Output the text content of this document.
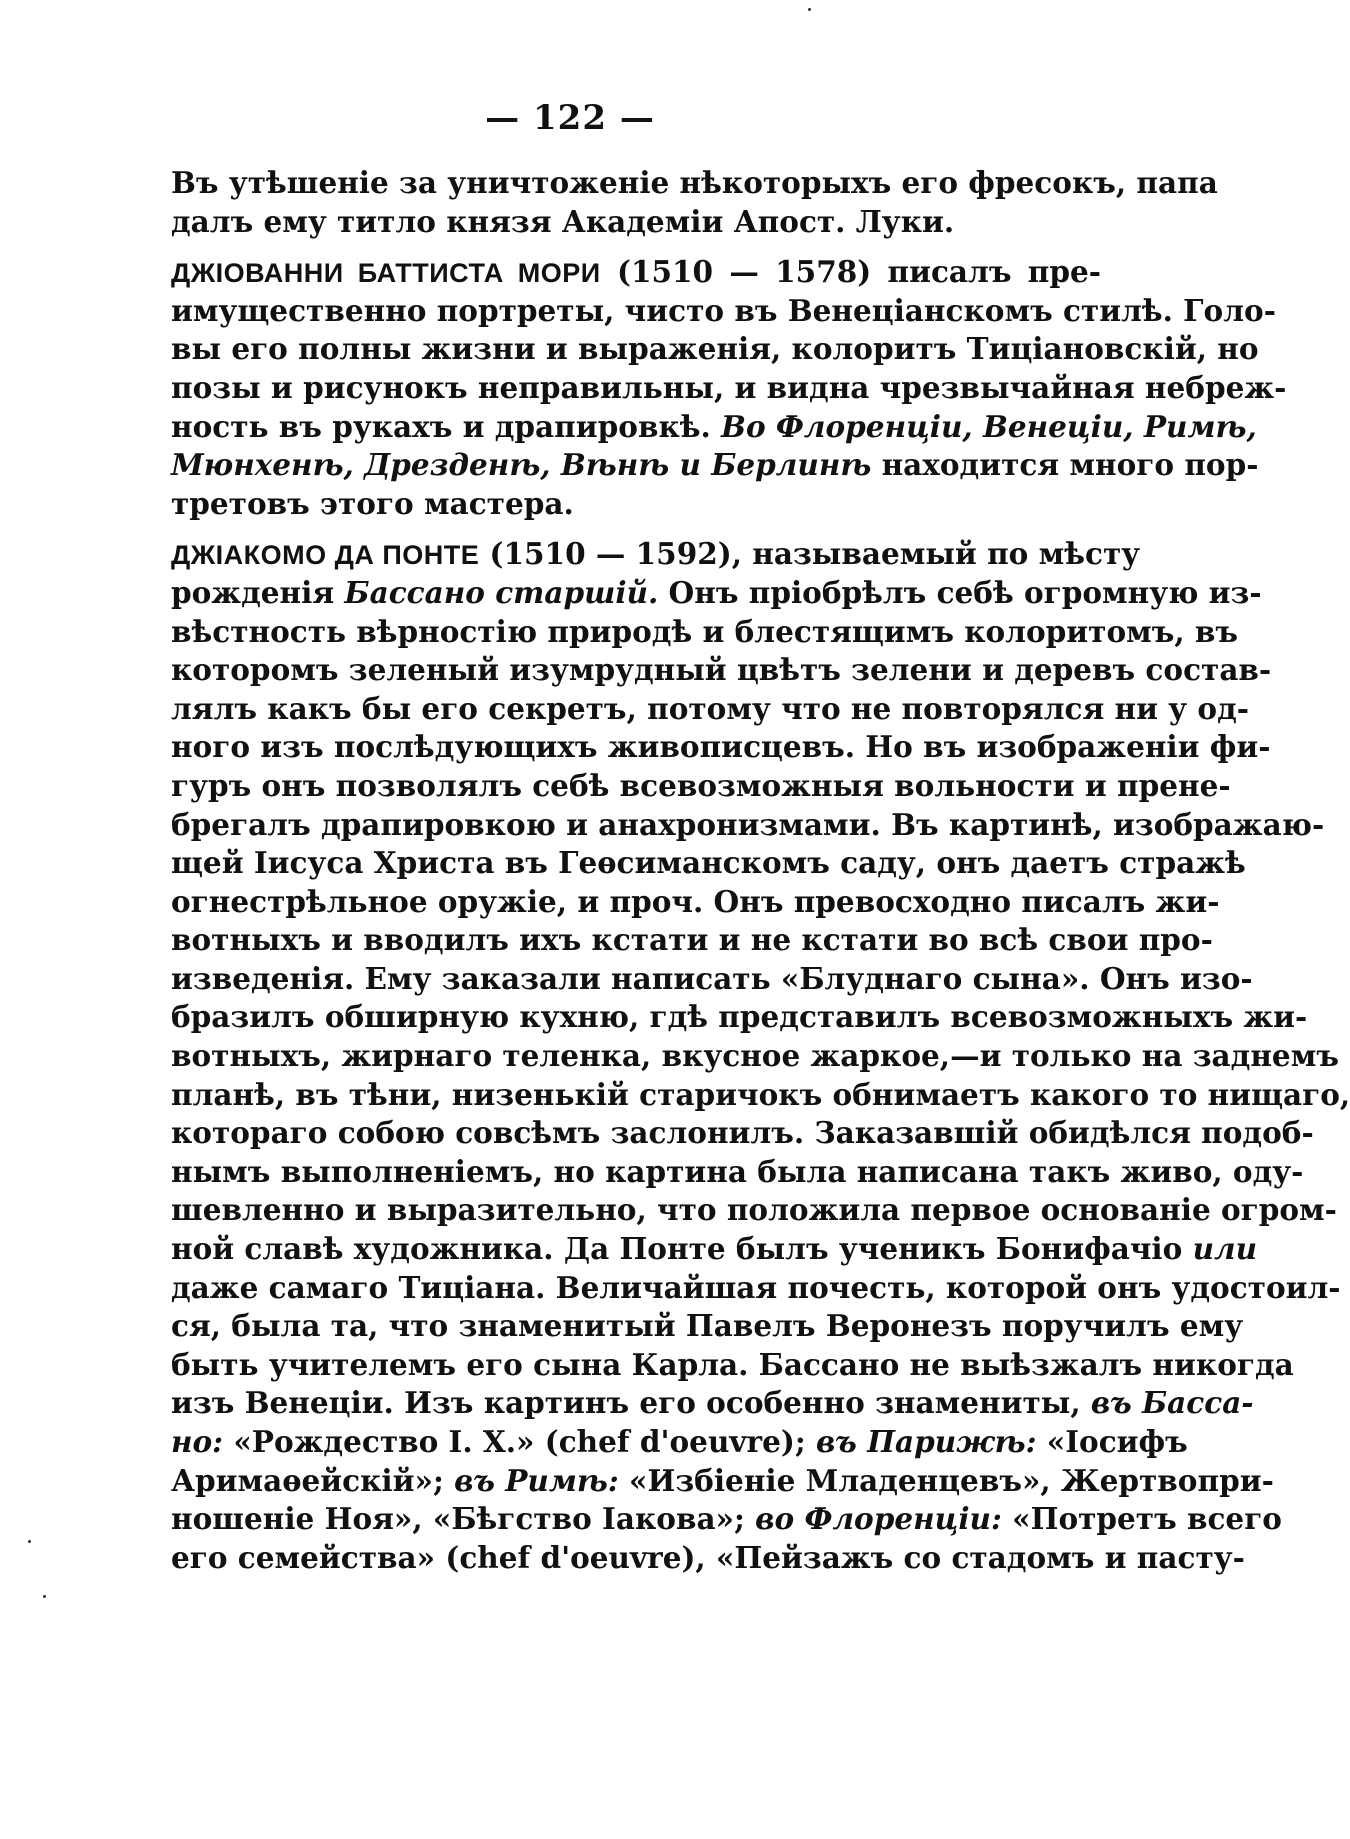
— 122 —
Въ утѣшеніе за уничтоженіе нѣкоторыхъ его фресокъ, папа
далъ ему титло князя Академіи Апост. Луки.
ДЖІОВАННИ БАТТИСТА МОРИ (1510 — 1578) писалъ пре-
имущественно портреты, чисто въ Венеціанскомъ стилѣ. Голо-
вы его полны жизни и выраженія, колоритъ Тиціановскій, но
позы и рисунокъ неправильны, и видна чрезвычайная небреж-
ность въ рукахъ и драпировкѣ. Во Флоренціи, Венеціи, Римѣ,
Мюнхенѣ, Дрезденѣ, Вѣнѣ и Берлинѣ находится много пор-
третовъ этого мастера.
ДЖІАКОМО ДА ПОНТЕ (1510 — 1592), называемый по мѣсту
рожденія Бассано старшій. Онъ пріобрѣлъ себѣ огромную из-
вѣстность вѣрностію природѣ и блестящимъ колоритомъ, въ
которомъ зеленый изумрудный цвѣтъ зелени и деревъ состав-
лялъ какъ бы его секретъ, потому что не повторялся ни у од-
ного изъ послѣдующихъ живописцевъ. Но въ изображеніи фи-
гуръ онъ позволялъ себѣ всевозможныя вольности и прене-
брегалъ драпировкою и анахронизмами. Въ картинѣ, изображаю-
щей Іисуса Христа въ Геѳсиманскомъ саду, онъ даетъ стражѣ
огнестрѣльное оружіе, и проч. Онъ превосходно писалъ жи-
вотныхъ и вводилъ ихъ кстати и не кстати во всѣ свои про-
изведенія. Ему заказали написать «Блуднаго сына». Онъ изо-
бразилъ обширную кухню, гдѣ представилъ всевозможныхъ жи-
вотныхъ, жирнаго теленка, вкусное жаркое,—и только на заднемъ
планѣ, въ тѣни, низенькій старичокъ обнимаетъ какого то нищаго,
котораго собою совсѣмъ заслонилъ. Заказавшій обидѣлся подоб-
нымъ выполненіемъ, но картина была написана такъ живо, оду-
шевленно и выразительно, что положила первое основаніе огром-
ной славѣ художника. Да Понте былъ ученикъ Бонифачіо или
даже самаго Тиціана. Величайшая почесть, которой онъ удостоил-
ся, была та, что знаменитый Павелъ Веронезъ поручилъ ему
быть учителемъ его сына Карла. Бассано не выѣзжалъ никогда
изъ Венеціи. Изъ картинъ его особенно знамениты, въ Басса-
но: «Рождество І. Х.» (chef d'oeuvre); въ Парижѣ: «Іосифъ
Аримаѳейскій»; въ Римѣ: «Избіеніе Младенцевъ», Жертвопри-
ношеніе Ноя», «Бѣгство Іакова»; во Флоренціи: «Потретъ всего
его семейства» (chef d'oeuvre), «Пейзажъ со стадомъ и пасту-
